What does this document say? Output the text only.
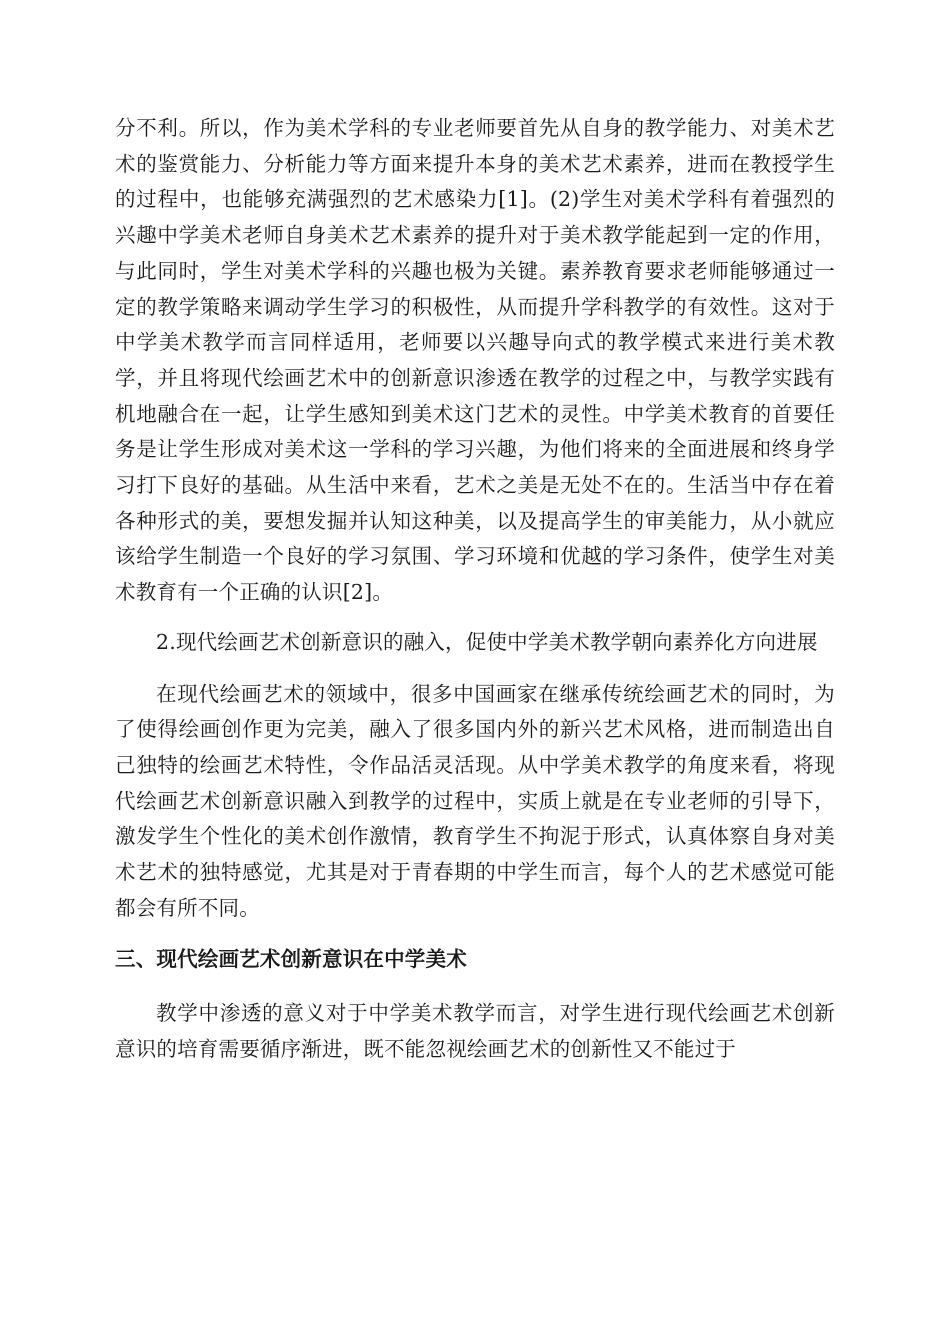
分不利。所以，作为美术学科的专业老师要首先从自身的教学能力、对美术艺术的鉴赏能力、分析能力等方面来提升本身的美术艺术素养，进而在教授学生的过程中，也能够充满强烈的艺术感染力[1]。(2)学生对美术学科有着强烈的兴趣中学美术老师自身美术艺术素养的提升对于美术教学能起到一定的作用，与此同时，学生对美术学科的兴趣也极为关键。素养教育要求老师能够通过一定的教学策略来调动学生学习的积极性，从而提升学科教学的有效性。这对于中学美术教学而言同样适用，老师要以兴趣导向式的教学模式来进行美术教学，并且将现代绘画艺术中的创新意识渗透在教学的过程之中，与教学实践有机地融合在一起，让学生感知到美术这门艺术的灵性。中学美术教育的首要任务是让学生形成对美术这一学科的学习兴趣，为他们将来的全面进展和终身学习打下良好的基础。从生活中来看，艺术之美是无处不在的。生活当中存在着各种形式的美，要想发掘并认知这种美，以及提高学生的审美能力，从小就应该给学生制造一个良好的学习氛围、学习环境和优越的学习条件，使学生对美术教育有一个正确的认识[2]。

2.现代绘画艺术创新意识的融入，促使中学美术教学朝向素养化方向进展

在现代绘画艺术的领域中，很多中国画家在继承传统绘画艺术的同时，为了使得绘画创作更为完美，融入了很多国内外的新兴艺术风格，进而制造出自己独特的绘画艺术特性，令作品活灵活现。从中学美术教学的角度来看，将现代绘画艺术创新意识融入到教学的过程中，实质上就是在专业老师的引导下，激发学生个性化的美术创作激情，教育学生不拘泥于形式，认真体察自身对美术艺术的独特感觉，尤其是对于青春期的中学生而言，每个人的艺术感觉可能都会有所不同。

三、现代绘画艺术创新意识在中学美术

教学中渗透的意义对于中学美术教学而言，对学生进行现代绘画艺术创新意识的培育需要循序渐进，既不能忽视绘画艺术的创新性又不能过于
